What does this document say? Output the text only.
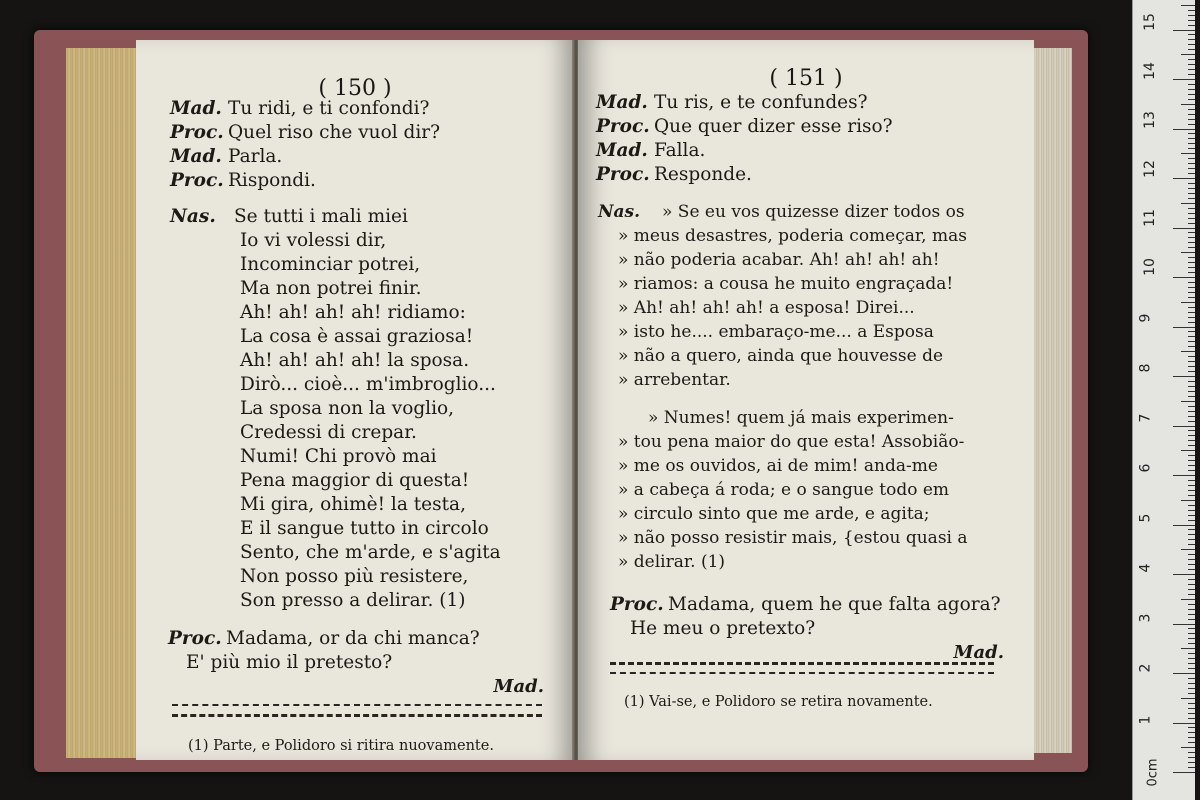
( 150 )
Mad. Tu ridi, e ti confondi?
Proc. Quel riso che vuol dir?
Mad. Parla.
Proc. Rispondi.
Nas. Se tutti i mali miei
Io vi volessi dir,
Incominciar potrei,
Ma non potrei finir.
Ah! ah! ah! ah! ridiamo:
La cosa è assai graziosa!
Ah! ah! ah! ah! la sposa.
Dirò... cioè... m'imbroglio...
La sposa non la voglio,
Credessi di crepar.
Numi! Chi provò mai
Pena maggior di questa!
Mi gira, ohimè! la testa,
E il sangue tutto in circolo
Sento, che m'arde, e s'agita
Non posso più resistere,
Son presso a delirar. (1)
Proc. Madama, or da chi manca?
E' più mio il pretesto?
Mad.
(1) Parte, e Polidoro si ritira nuovamente.
( 151 )
Mad. Tu ris, e te confundes?
Proc. Que quer dizer esse riso?
Mad. Falla.
Proc. Responde.
Nas. » Se eu vos quizesse dizer todos os
» meus desastres, poderia começar, mas
» não poderia acabar. Ah! ah! ah! ah!
» riamos: a cousa he muito engraçada!
» Ah! ah! ah! ah! a esposa! Direi...
» isto he.... embaraço-me... a Esposa
» não a quero, ainda que houvesse de
» arrebentar.
» Numes! quem já mais experimen-
» tou pena maior do que esta! Assobião-
» me os ouvidos, ai de mim! anda-me
» a cabeça á roda; e o sangue todo em
» circulo sinto que me arde, e agita;
» não posso resistir mais, {estou quasi a
» delirar. (1)
Proc. Madama, quem he que falta agora?
He meu o pretexto?
Mad.
(1) Vai-se, e Polidoro se retira novamente.
15
14
13
12
11
10
9
8
7
6
5
4
3
2
1
0cm
